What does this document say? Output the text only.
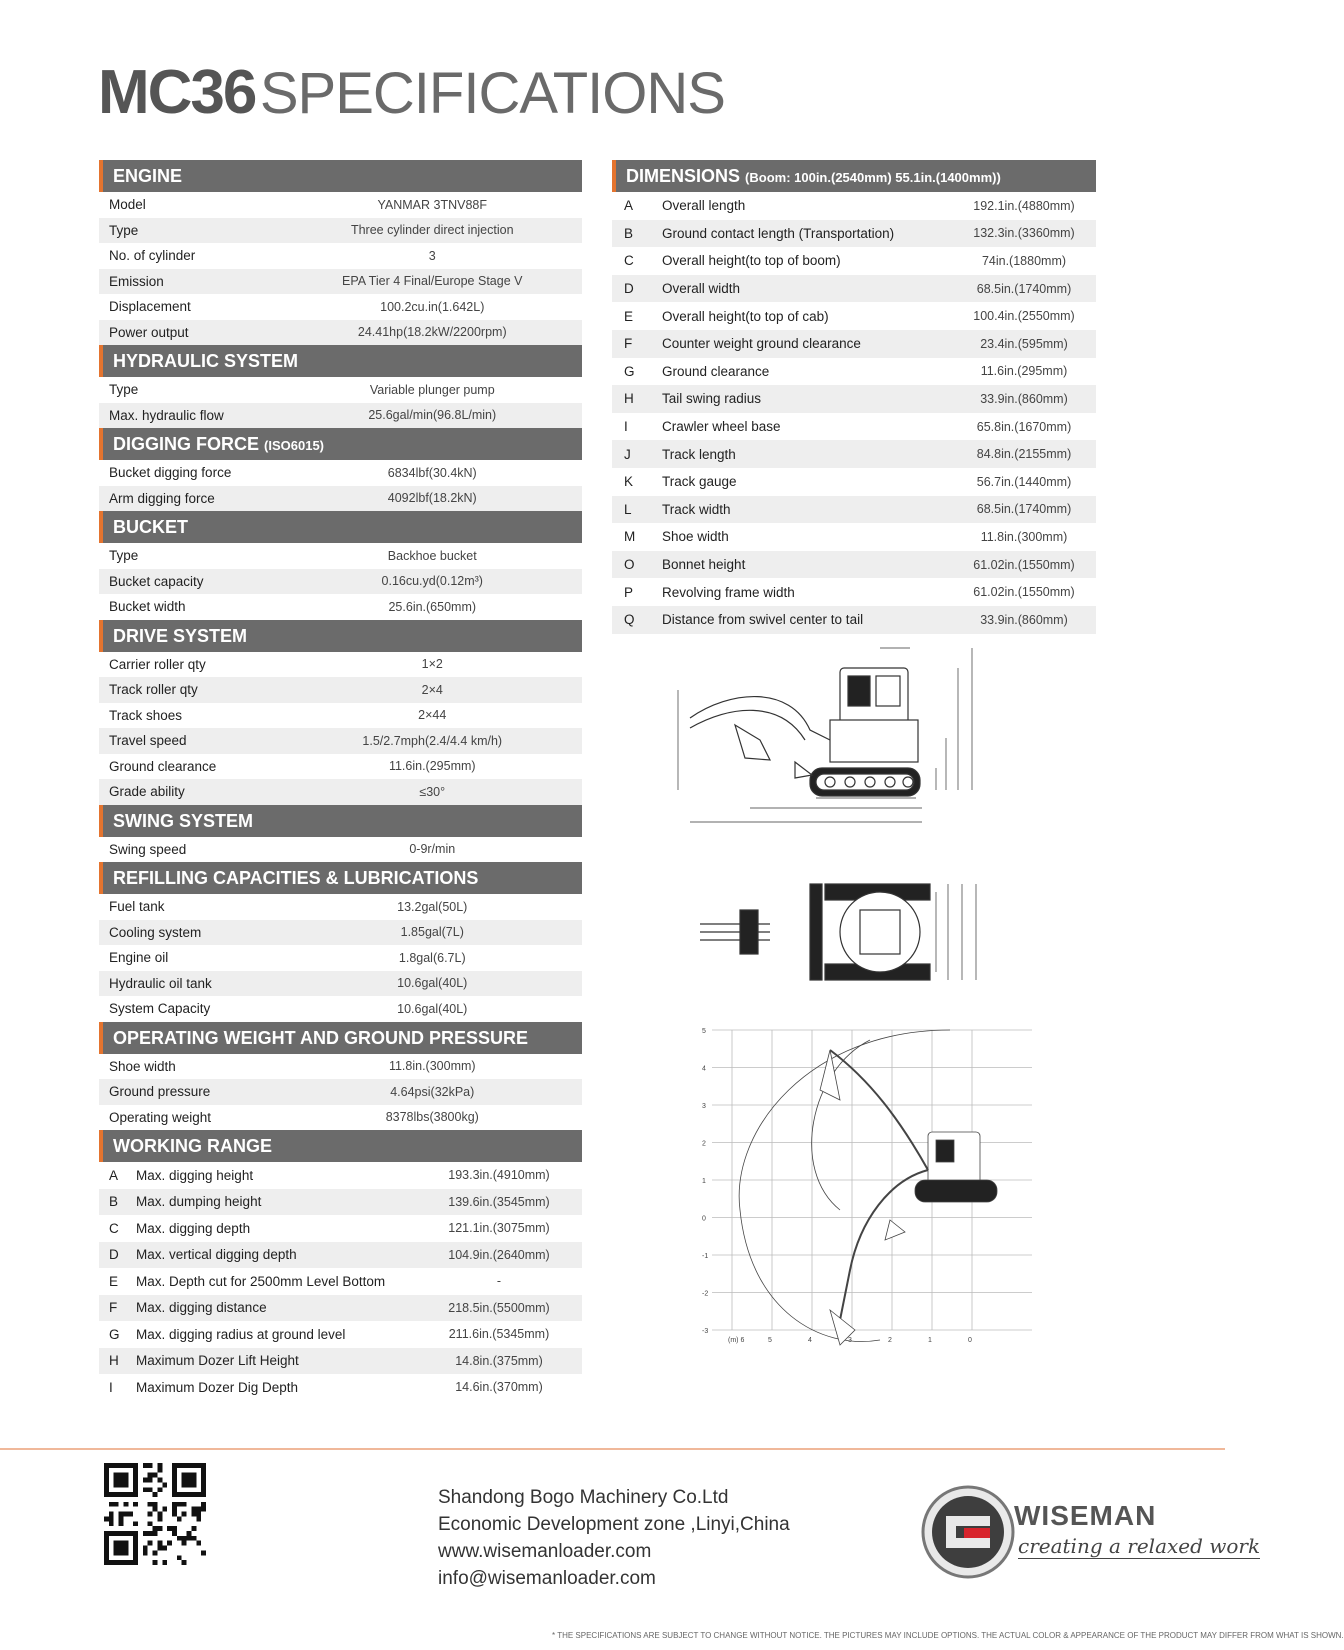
MC36 SPECIFICATIONS
ENGINE
Model	YANMAR 3TNV88F
Type	Three cylinder direct injection
No. of cylinder	3
Emission	EPA Tier 4 Final/Europe Stage V
Displacement	100.2cu.in(1.642L)
Power output	24.41hp(18.2kW/2200rpm)
HYDRAULIC SYSTEM
Type	Variable plunger pump
Max. hydraulic flow	25.6gal/min(96.8L/min)
DIGGING FORCE (ISO6015)
Bucket digging force	6834lbf(30.4kN)
Arm digging force	4092lbf(18.2kN)
BUCKET
Type	Backhoe bucket
Bucket capacity	0.16cu.yd(0.12m³)
Bucket width	25.6in.(650mm)
DRIVE SYSTEM
Carrier roller qty	1×2
Track roller qty	2×4
Track shoes	2×44
Travel speed	1.5/2.7mph(2.4/4.4 km/h)
Ground clearance	11.6in.(295mm)
Grade ability	≤30°
SWING SYSTEM
Swing speed	0-9r/min
REFILLING CAPACITIES & LUBRICATIONS
Fuel tank	13.2gal(50L)
Cooling system	1.85gal(7L)
Engine oil	1.8gal(6.7L)
Hydraulic oil tank	10.6gal(40L)
System Capacity	10.6gal(40L)
OPERATING WEIGHT AND GROUND PRESSURE
Shoe width	11.8in.(300mm)
Ground pressure	4.64psi(32kPa)
Operating weight	8378lbs(3800kg)
WORKING RANGE
A	Max. digging height	193.3in.(4910mm)
B	Max. dumping height	139.6in.(3545mm)
C	Max. digging depth	121.1in.(3075mm)
D	Max. vertical digging depth	104.9in.(2640mm)
E	Max. Depth cut for 2500mm Level Bottom	-
F	Max. digging distance	218.5in.(5500mm)
G	Max. digging radius at ground level	211.6in.(5345mm)
H	Maximum Dozer Lift Height	14.8in.(375mm)
I	Maximum Dozer Dig Depth	14.6in.(370mm)
DIMENSIONS (Boom: 100in.(2540mm) 55.1in.(1400mm))
A	Overall length	192.1in.(4880mm)
B	Ground contact length (Transportation)	132.3in.(3360mm)
C	Overall height(to top of boom)	74in.(1880mm)
D	Overall width	68.5in.(1740mm)
E	Overall height(to top of cab)	100.4in.(2550mm)
F	Counter weight ground clearance	23.4in.(595mm)
G	Ground clearance	11.6in.(295mm)
H	Tail swing radius	33.9in.(860mm)
I	Crawler wheel base	65.8in.(1670mm)
J	Track length	84.8in.(2155mm)
K	Track gauge	56.7in.(1440mm)
L	Track width	68.5in.(1740mm)
M	Shoe width	11.8in.(300mm)
O	Bonnet height	61.02in.(1550mm)
P	Revolving frame width	61.02in.(1550mm)
Q	Distance from swivel center to tail	33.9in.(860mm)
5
4
3
2
1
0
-1
-2
-3
(m) 6	5	4	3	2	1	0
Shandong Bogo Machinery Co.Ltd
Economic Development zone ,Linyi,China
www.wisemanloader.com
info@wisemanloader.com
WISEMAN
creating a relaxed work
* THE SPECIFICATIONS ARE SUBJECT TO CHANGE WITHOUT NOTICE. THE PICTURES MAY INCLUDE OPTIONS. THE ACTUAL COLOR & APPEARANCE OF THE PRODUCT MAY DIFFER FROM WHAT IS SHOWN.
